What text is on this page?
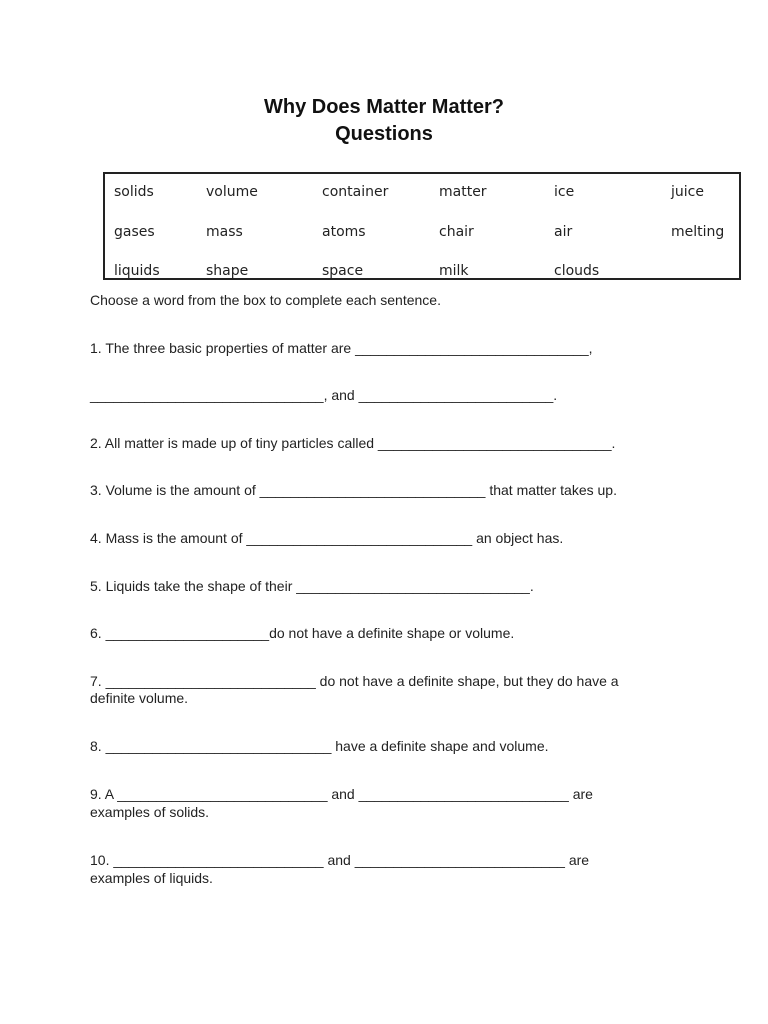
Why Does Matter Matter?
Questions
solids	volume	container	matter	ice	juice
gases	mass	atoms	chair	air	melting
liquids	shape	space	milk	clouds
Choose a word from the box to complete each sentence.
1. The three basic properties of matter are ______________________________,
______________________________, and _________________________.
2. All matter is made up of tiny particles called ______________________________.
3. Volume is the amount of _____________________________ that matter takes up.
4. Mass is the amount of _____________________________ an object has.
5. Liquids take the shape of their ______________________________.
6. _____________________do not have a definite shape or volume.
7. ___________________________ do not have a definite shape, but they do have a
definite volume.
8. _____________________________ have a definite shape and volume.
9. A ___________________________ and ___________________________ are
examples of solids.
10. ___________________________ and ___________________________ are
examples of liquids.
